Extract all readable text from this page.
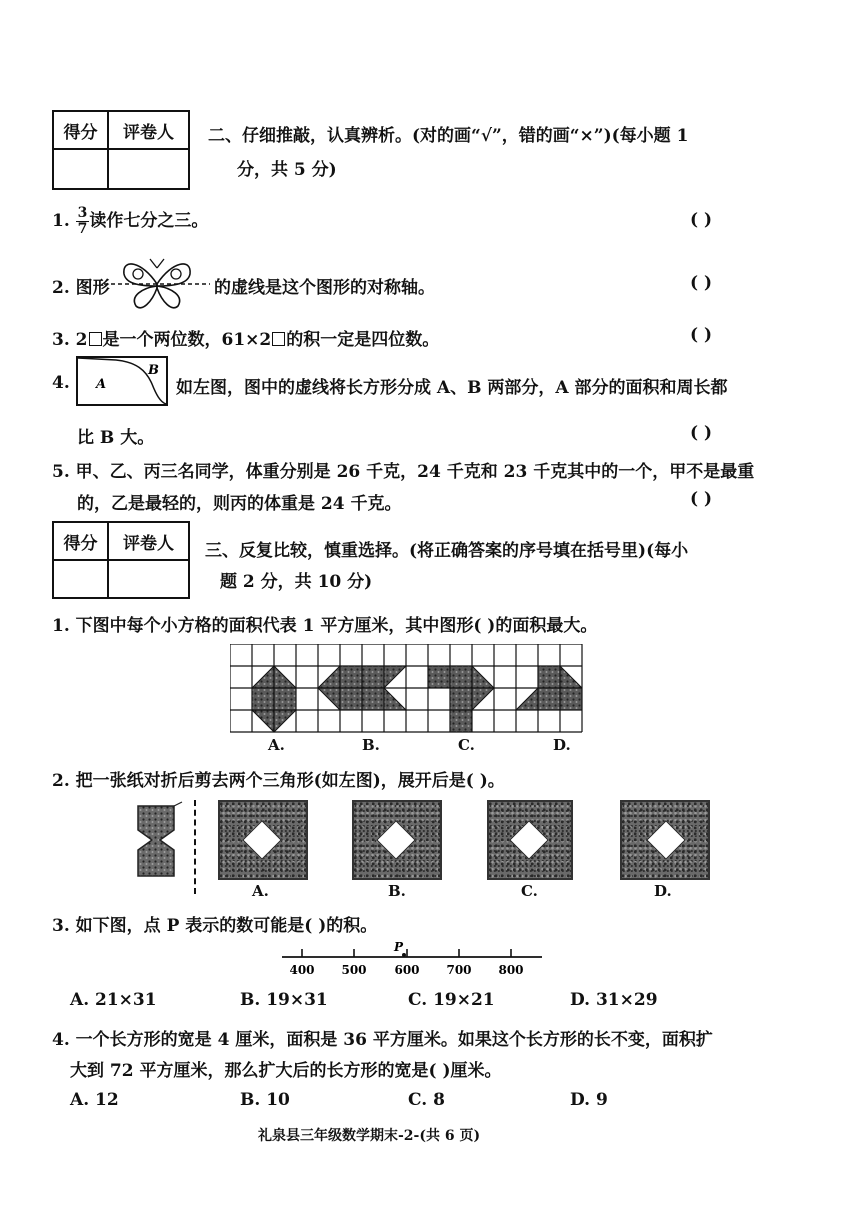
得分	评卷人
	二、仔细推敲，认真辨析。(对的画“√”，错的画“×”)(每小题 1
分，共 5 分)
1. $\frac{3}{7}$ 读作七分之三。	( )
2. 图形	的虚线是这个图形的对称轴。	( )
3. 2 是一个两位数，61×2 的积一定是四位数。	( )
4. A
B
如左图，图中的虚线将长方形分成 A、B 两部分，A 部分的面积和周长都
比 B 大。	( )
5. 甲、乙、丙三名同学，体重分别是 26 千克，24 千克和 23 千克其中的一个，甲不是最重
的，乙是最轻的，则丙的体重是 24 千克。	( )
得分	评卷人
	三、反复比较，慎重选择。(将正确答案的序号填在括号里)(每小
题 2 分，共 10 分)
1. 下图中每个小方格的面积代表 1 平方厘米，其中图形( )的面积最大。
A.	B.	C.	D.
2. 把一张纸对折后剪去两个三角形(如左图)，展开后是( )。
A.	B.	C.	D.
3. 如下图，点 P 表示的数可能是( )的积。
P
400 500 600 700 800
A. 21×31	B. 19×31	C. 19×21	D. 31×29
4. 一个长方形的宽是 4 厘米，面积是 36 平方厘米。如果这个长方形的长不变，面积扩
大到 72 平方厘米，那么扩大后的长方形的宽是( )厘米。
A. 12	B. 10	C. 8	D. 9
礼泉县三年级数学期末-2-(共 6 页)
